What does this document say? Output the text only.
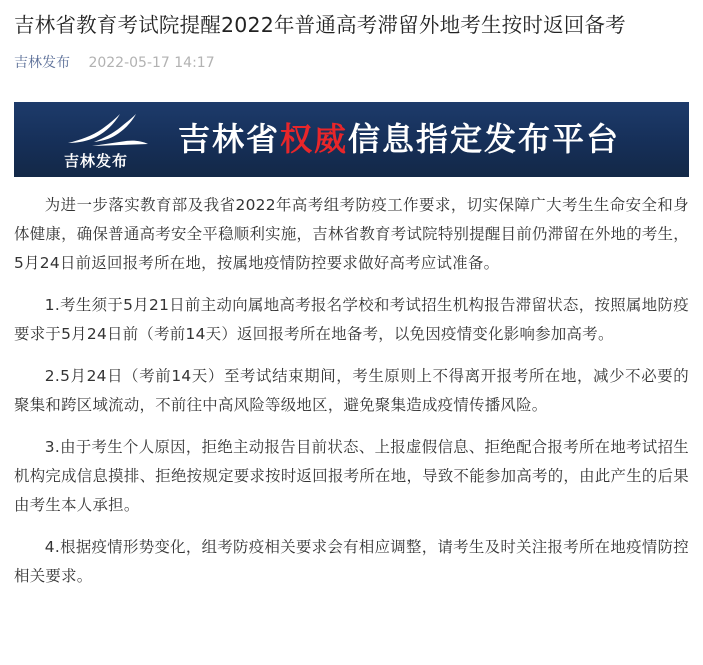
吉林省教育考试院提醒2022年普通高考滞留外地考生按时返回备考
吉林发布 2022-05-17 14:17
吉林发布
吉林省权威信息指定发布平台

为进一步落实教育部及我省2022年高考组考防疫工作要求，切实保障广大考生生命安全和身体健康，确保普通高考安全平稳顺利实施，吉林省教育考试院特别提醒目前仍滞留在外地的考生，5月24日前返回报考所在地，按属地疫情防控要求做好高考应试准备。

1.考生须于5月21日前主动向属地高考报名学校和考试招生机构报告滞留状态，按照属地防疫要求于5月24日前（考前14天）返回报考所在地备考，以免因疫情变化影响参加高考。

2.5月24日（考前14天）至考试结束期间，考生原则上不得离开报考所在地，减少不必要的聚集和跨区域流动，不前往中高风险等级地区，避免聚集造成疫情传播风险。

3.由于考生个人原因，拒绝主动报告目前状态、上报虚假信息、拒绝配合报考所在地考试招生机构完成信息摸排、拒绝按规定要求按时返回报考所在地，导致不能参加高考的，由此产生的后果由考生本人承担。

4.根据疫情形势变化，组考防疫相关要求会有相应调整，请考生及时关注报考所在地疫情防控相关要求。
